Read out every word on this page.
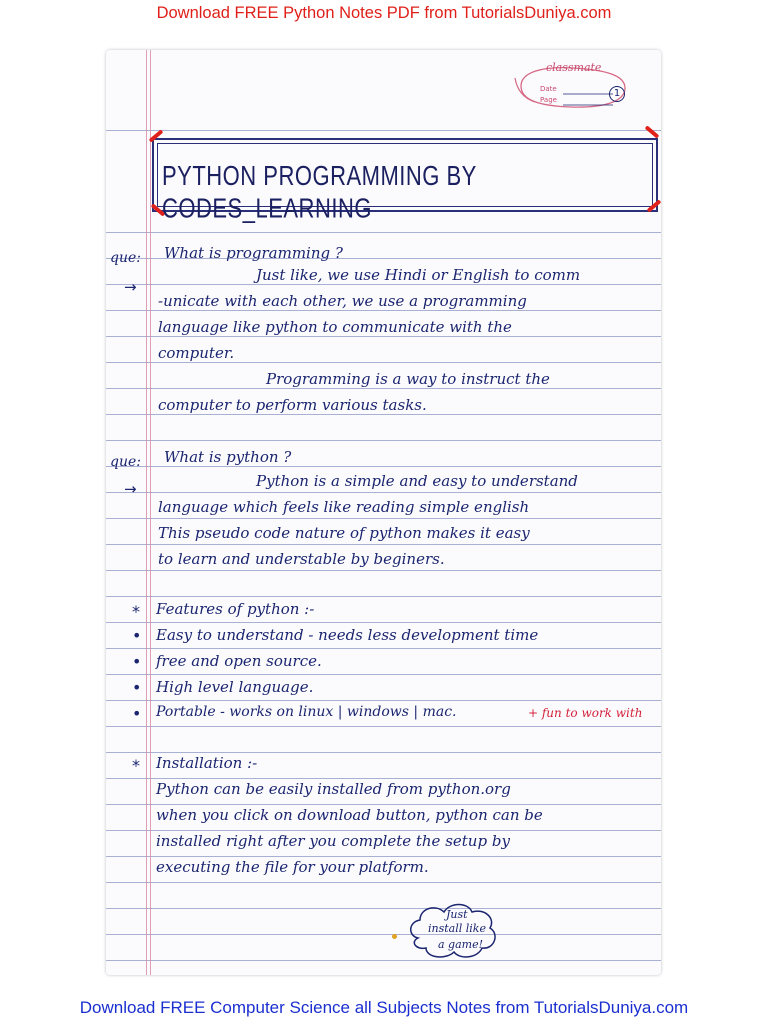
Download FREE Python Notes PDF from TutorialsDuniya.com
classmate
Date
Page
1
PYTHON PROGRAMMING BY CODES_LEARNING
que: What is programming ?
→
Just like, we use Hindi or English to comm
-unicate with each other, we use a programming
language like python to communicate with the
computer.
Programming is a way to instruct the
computer to perform various tasks.
que: What is python ?
→	Python is a simple and easy to understand
language which feels like reading simple english
This pseudo code nature of python makes it easy
to learn and understable by beginers.
* Features of python :-
• Easy to understand - needs less development time
• free and open source.
• High level language.
• Portable - works on linux | windows | mac.	+ fun to work with
* Installation :-
Python can be easily installed from python.org
when you click on download button, python can be
installed right after you complete the setup by
executing the file for your platform.
Just
install like
a game!
Download FREE Computer Science all Subjects Notes from TutorialsDuniya.com
